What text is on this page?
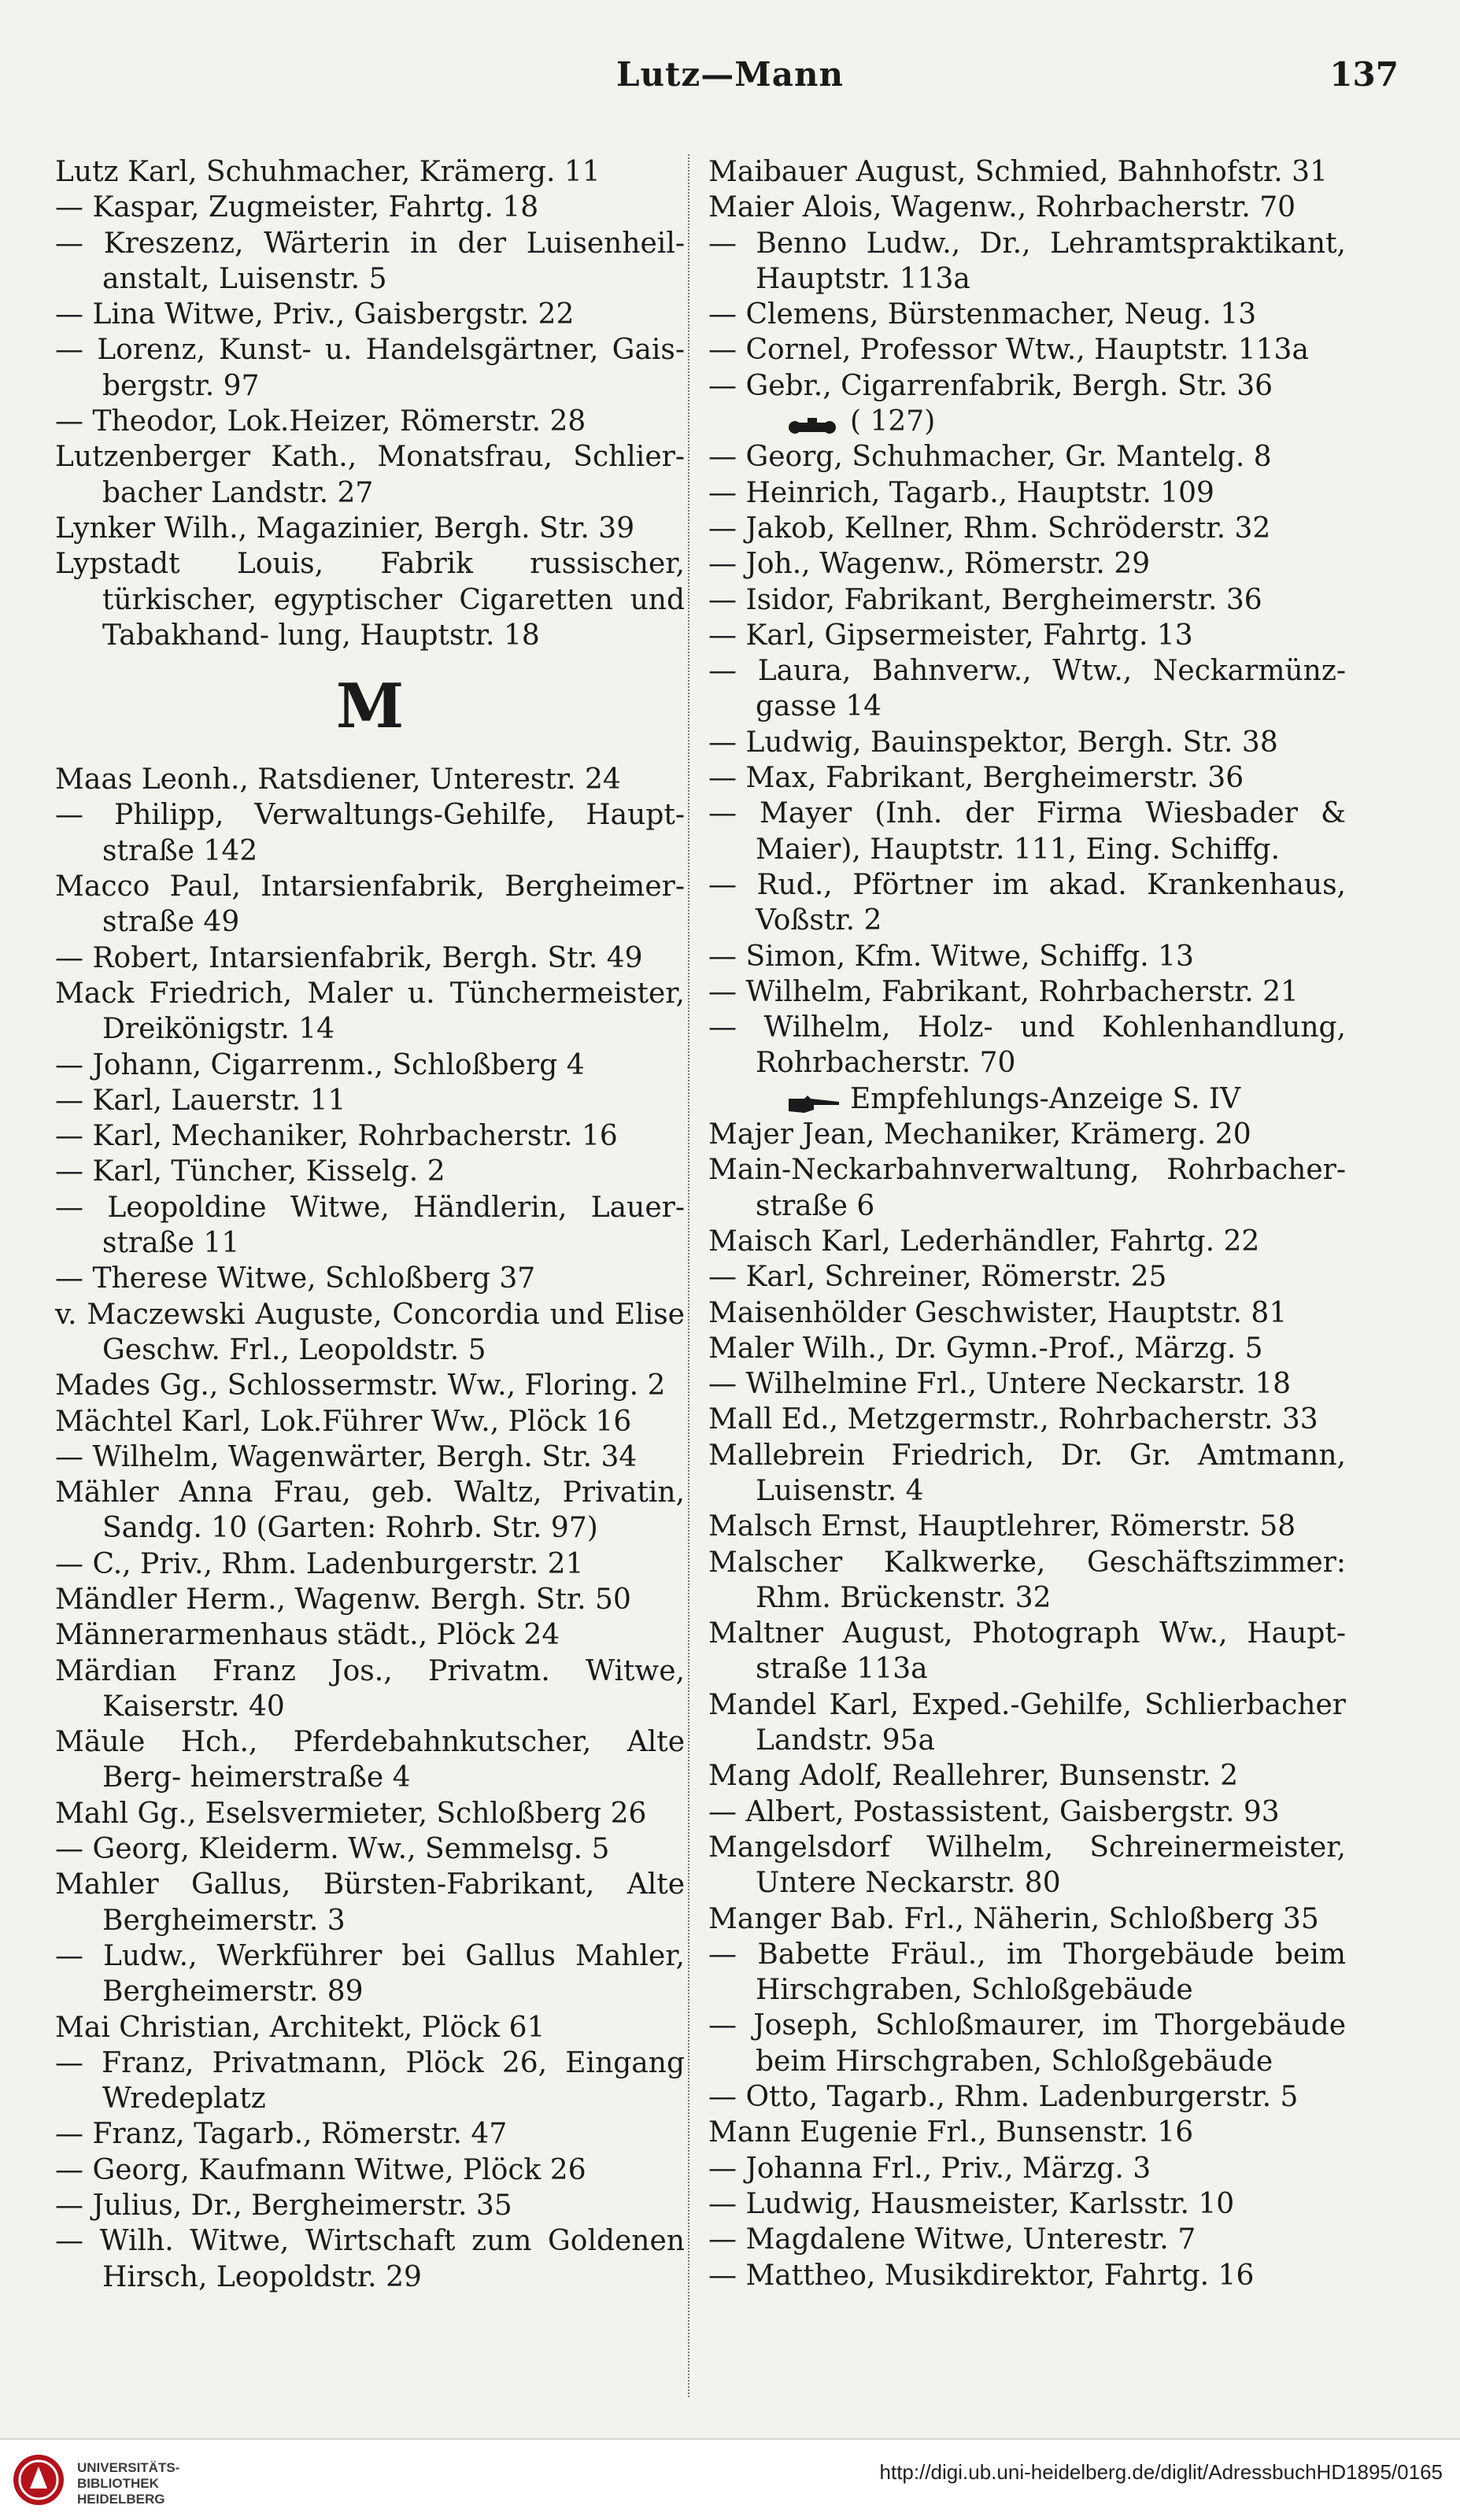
Lutz—Mann	137
Lutz Karl, Schuhmacher, Krämerg. 11
— Kaspar, Zugmeister, Fahrtg. 18
— Kreszenz, Wärterin in der Luisenheil- anstalt, Luisenstr. 5
— Lina Witwe, Priv., Gaisbergstr. 22
— Lorenz, Kunst- u. Handelsgärtner, Gais- bergstr. 97
— Theodor, Lok.Heizer, Römerstr. 28
Lutzenberger Kath., Monatsfrau, Schlier- bacher Landstr. 27
Lynker Wilh., Magazinier, Bergh. Str. 39
Lypstadt Louis, Fabrik russischer, türkischer, egyptischer Cigaretten und Tabakhand- lung, Hauptstr. 18
M
Maas Leonh., Ratsdiener, Unterestr. 24
— Philipp, Verwaltungs-Gehilfe, Haupt- straße 142
Macco Paul, Intarsienfabrik, Bergheimer- straße 49
— Robert, Intarsienfabrik, Bergh. Str. 49
Mack Friedrich, Maler u. Tünchermeister, Dreikönigstr. 14
— Johann, Cigarrenm., Schloßberg 4
— Karl, Lauerstr. 11
— Karl, Mechaniker, Rohrbacherstr. 16
— Karl, Tüncher, Kisselg. 2
— Leopoldine Witwe, Händlerin, Lauer- straße 11
— Therese Witwe, Schloßberg 37
v. Maczewski Auguste, Concordia und Elise Geschw. Frl., Leopoldstr. 5
Mades Gg., Schlossermstr. Ww., Floring. 2
Mächtel Karl, Lok.Führer Ww., Plöck 16
— Wilhelm, Wagenwärter, Bergh. Str. 34
Mähler Anna Frau, geb. Waltz, Privatin, Sandg. 10 (Garten: Rohrb. Str. 97)
— C., Priv., Rhm. Ladenburgerstr. 21
Mändler Herm., Wagenw. Bergh. Str. 50
Männerarmenhaus städt., Plöck 24
Märdian Franz Jos., Privatm. Witwe, Kaiserstr. 40
Mäule Hch., Pferdebahnkutscher, Alte Berg- heimerstraße 4
Mahl Gg., Eselsvermieter, Schloßberg 26
— Georg, Kleiderm. Ww., Semmelsg. 5
Mahler Gallus, Bürsten-Fabrikant, Alte Bergheimerstr. 3
— Ludw., Werkführer bei Gallus Mahler, Bergheimerstr. 89
Mai Christian, Architekt, Plöck 61
— Franz, Privatmann, Plöck 26, Eingang Wredeplatz
— Franz, Tagarb., Römerstr. 47
— Georg, Kaufmann Witwe, Plöck 26
— Julius, Dr., Bergheimerstr. 35
— Wilh. Witwe, Wirtschaft zum Goldenen Hirsch, Leopoldstr. 29
Maibauer August, Schmied, Bahnhofstr. 31
Maier Alois, Wagenw., Rohrbacherstr. 70
— Benno Ludw., Dr., Lehramtspraktikant, Hauptstr. 113a
— Clemens, Bürstenmacher, Neug. 13
— Cornel, Professor Wtw., Hauptstr. 113a
— Gebr., Cigarrenfabrik, Bergh. Str. 36
( 127)
— Georg, Schuhmacher, Gr. Mantelg. 8
— Heinrich, Tagarb., Hauptstr. 109
— Jakob, Kellner, Rhm. Schröderstr. 32
— Joh., Wagenw., Römerstr. 29
— Isidor, Fabrikant, Bergheimerstr. 36
— Karl, Gipsermeister, Fahrtg. 13
— Laura, Bahnverw., Wtw., Neckarmünz- gasse 14
— Ludwig, Bauinspektor, Bergh. Str. 38
— Max, Fabrikant, Bergheimerstr. 36
— Mayer (Inh. der Firma Wiesbader & Maier), Hauptstr. 111, Eing. Schiffg.
— Rud., Pförtner im akad. Krankenhaus, Voßstr. 2
— Simon, Kfm. Witwe, Schiffg. 13
— Wilhelm, Fabrikant, Rohrbacherstr. 21
— Wilhelm, Holz- und Kohlenhandlung, Rohrbacherstr. 70
Empfehlungs-Anzeige S. IV
Majer Jean, Mechaniker, Krämerg. 20
Main-Neckarbahnverwaltung, Rohrbacher- straße 6
Maisch Karl, Lederhändler, Fahrtg. 22
— Karl, Schreiner, Römerstr. 25
Maisenhölder Geschwister, Hauptstr. 81
Maler Wilh., Dr. Gymn.-Prof., Märzg. 5
— Wilhelmine Frl., Untere Neckarstr. 18
Mall Ed., Metzgermstr., Rohrbacherstr. 33
Mallebrein Friedrich, Dr. Gr. Amtmann, Luisenstr. 4
Malsch Ernst, Hauptlehrer, Römerstr. 58
Malscher Kalkwerke, Geschäftszimmer: Rhm. Brückenstr. 32
Maltner August, Photograph Ww., Haupt- straße 113a
Mandel Karl, Exped.-Gehilfe, Schlierbacher Landstr. 95a
Mang Adolf, Reallehrer, Bunsenstr. 2
— Albert, Postassistent, Gaisbergstr. 93
Mangelsdorf Wilhelm, Schreinermeister, Untere Neckarstr. 80
Manger Bab. Frl., Näherin, Schloßberg 35
— Babette Fräul., im Thorgebäude beim Hirschgraben, Schloßgebäude
— Joseph, Schloßmaurer, im Thorgebäude beim Hirschgraben, Schloßgebäude
— Otto, Tagarb., Rhm. Ladenburgerstr. 5
Mann Eugenie Frl., Bunsenstr. 16
— Johanna Frl., Priv., Märzg. 3
— Ludwig, Hausmeister, Karlsstr. 10
— Magdalene Witwe, Unterestr. 7
— Mattheo, Musikdirektor, Fahrtg. 16
UNIVERSITÄTS-
BIBLIOTHEK
HEIDELBERG
http://digi.ub.uni-heidelberg.de/diglit/AdressbuchHD1895/0165
